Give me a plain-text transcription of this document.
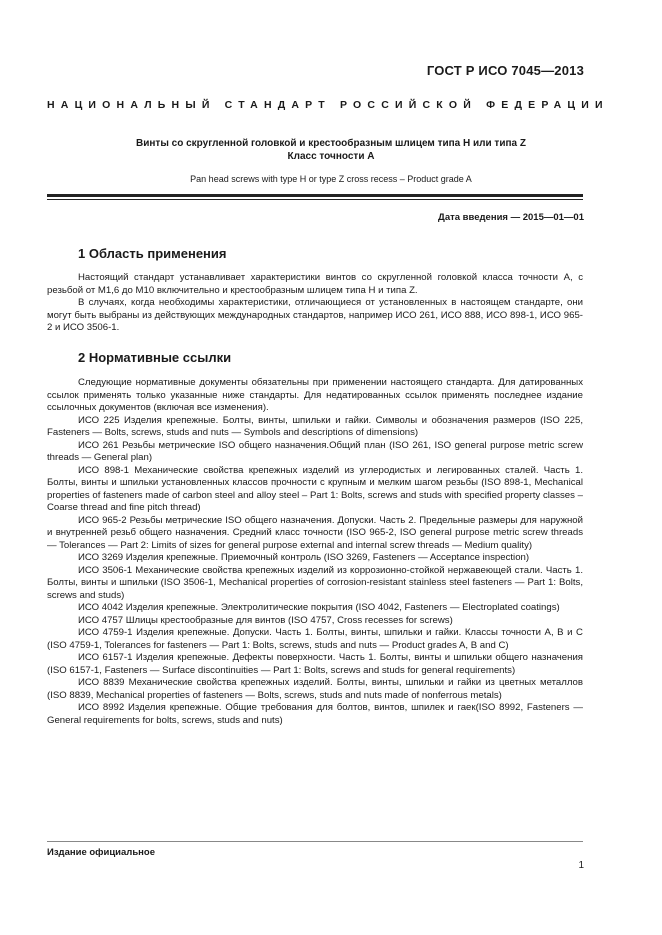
ГОСТ Р ИСО 7045—2013
НАЦИОНАЛЬНЫЙ СТАНДАРТ РОССИЙСКОЙ ФЕДЕРАЦИИ
Винты со скругленной головкой и крестообразным шлицем типа H или типа Z
Класс точности А
Pan head screws with type H or type Z cross recess – Product grade A
Дата введения — 2015—01—01
1 Область применения

Настоящий стандарт устанавливает характеристики винтов со скругленной головкой класса точности А, с резьбой от M1,6 до M10 включительно и крестообразным шлицем типа H и типа Z.

В случаях, когда необходимы характеристики, отличающиеся от установленных в настоящем стандарте, они могут быть выбраны из действующих международных стандартов, например ИСО 261, ИСО 888, ИСО 898-1, ИСО 965-2 и ИСО 3506-1.

2 Нормативные ссылки

Следующие нормативные документы обязательны при применении настоящего стандарта. Для датированных ссылок применять только указанные ниже стандарты. Для недатированных ссылок применять последнее издание ссылочных документов (включая все изменения).

ИСО 225 Изделия крепежные. Болты, винты, шпильки и гайки. Символы и обозначения размеров (ISO 225, Fasteners — Bolts, screws, studs and nuts — Symbols and descriptions of dimensions)

ИСО 261 Резьбы метрические ISO общего назначения.Общий план (ISO 261, ISO general purpose metric screw threads — General plan)

ИСО 898-1 Механические свойства крепежных изделий из углеродистых и легированных сталей. Часть 1. Болты, винты и шпильки установленных классов прочности с крупным и мелким шагом резьбы (ISO 898-1, Mechanical properties of fasteners made of carbon steel and alloy steel – Part 1: Bolts, screws and studs with specified property classes – Coarse thread and fine pitch thread)

ИСО 965-2 Резьбы метрические ISO общего назначения. Допуски. Часть 2. Предельные размеры для наружной и внутренней резьб общего назначения. Средний класс точности (ISO 965-2, ISO general purpose metric screw threads — Tolerances — Part 2: Limits of sizes for general purpose external and internal screw threads — Medium quality)

ИСО 3269 Изделия крепежные. Приемочный контроль (ISO 3269, Fasteners — Acceptance inspection)

ИСО 3506-1 Механические свойства крепежных изделий из коррозионно-стойкой нержавеющей стали. Часть 1. Болты, винты и шпильки (ISO 3506-1, Mechanical properties of corrosion-resistant stainless steel fasteners — Part 1: Bolts, screws and studs)

ИСО 4042 Изделия крепежные. Электролитические покрытия (ISO 4042, Fasteners — Electroplated coatings)

ИСО 4757 Шлицы крестообразные для винтов (ISO 4757, Cross recesses for screws)

ИСО 4759-1 Изделия крепежные. Допуски. Часть 1. Болты, винты, шпильки и гайки. Классы точности А, В и С (ISO 4759-1, Tolerances for fasteners — Part 1: Bolts, screws, studs and nuts — Product grades A, B and C)

ИСО 6157-1 Изделия крепежные. Дефекты поверхности. Часть 1. Болты, винты и шпильки общего назначения (ISO 6157-1, Fasteners — Surface discontinuities — Part 1: Bolts, screws and studs for general requirements)

ИСО 8839 Механические свойства крепежных изделий. Болты, винты, шпильки и гайки из цветных металлов (ISO 8839, Mechanical properties of fasteners — Bolts, screws, studs and nuts made of nonferrous metals)

ИСО 8992 Изделия крепежные. Общие требования для болтов, винтов, шпилек и гаек(ISO 8992, Fasteners — General requirements for bolts, screws, studs and nuts)

Издание официальное
1
